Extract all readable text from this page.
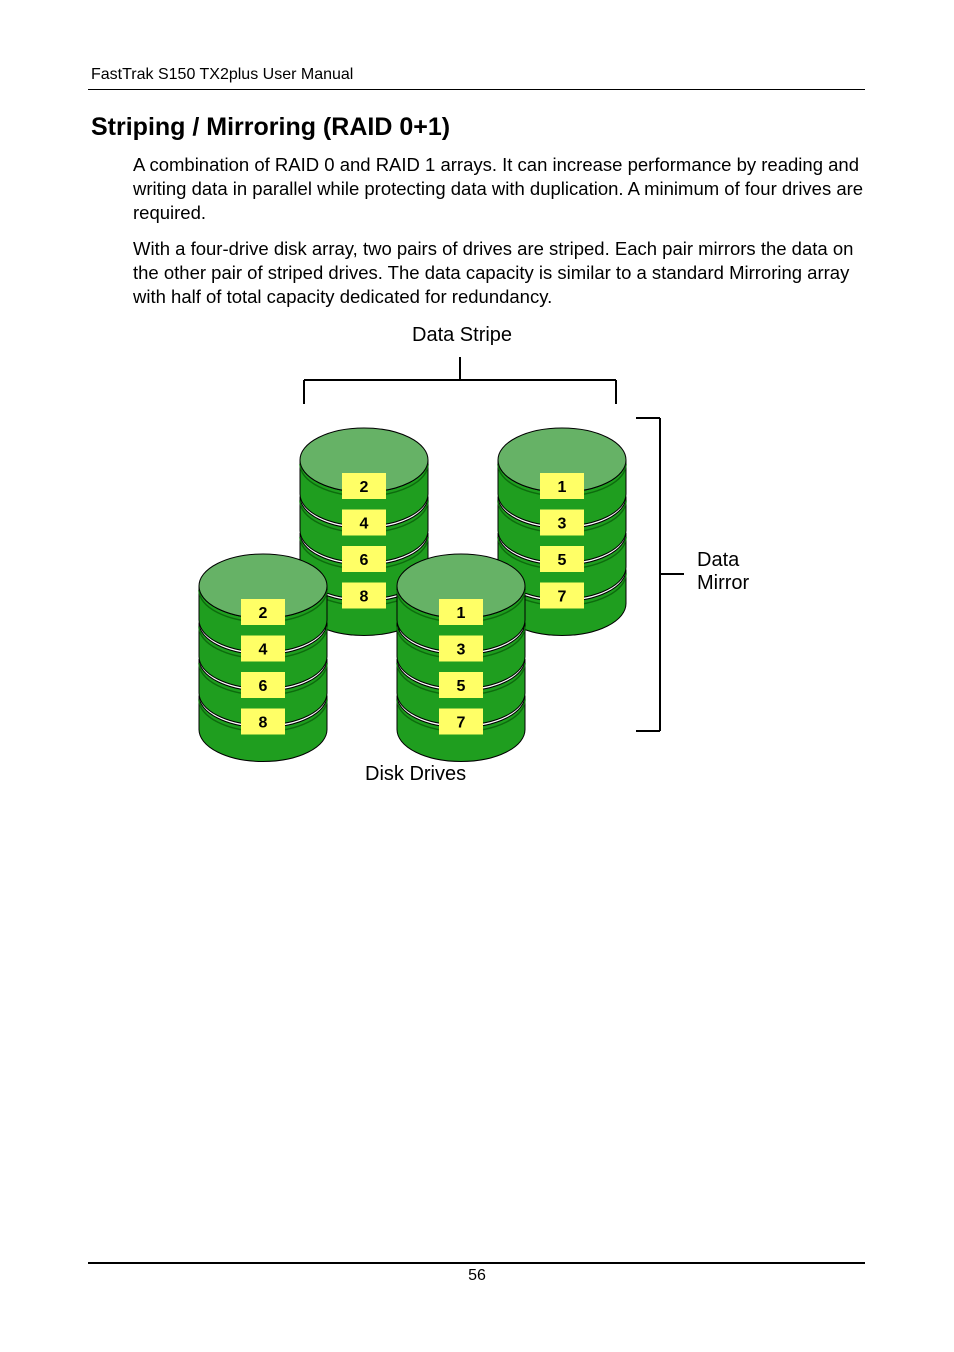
FastTrak S150 TX2plus User Manual
Striping / Mirroring (RAID 0+1)

A combination of RAID 0 and RAID 1 arrays. It can increase performance by reading and writing data in parallel while protecting data with duplication. A minimum of four drives are required.

With a four-drive disk array, two pairs of drives are striped. Each pair mirrors the data on the other pair of striped drives. The data capacity is similar to a standard Mirroring array with half of total capacity dedicated for redundancy.

2
4
6
8
1
3
5
7
2
4
6
8
1
3
5
7
Data Stripe
Data
Mirror
Disk Drives
56
